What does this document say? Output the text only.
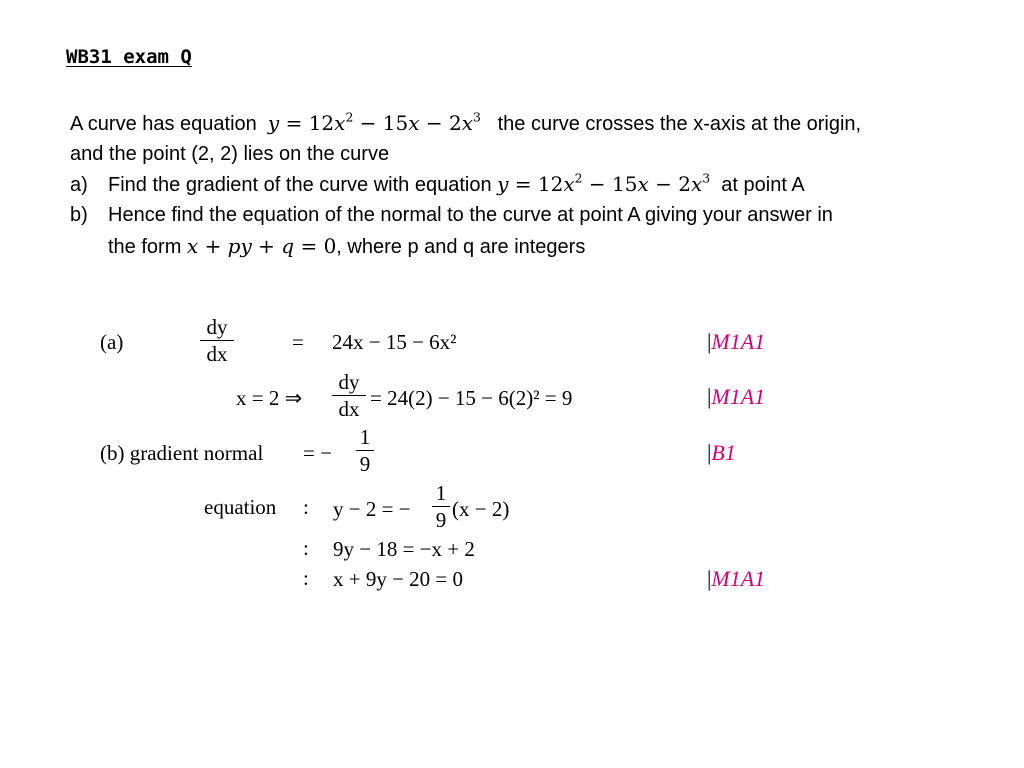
WB31 exam Q
A curve has equation $y = 12x^2 - 15x - 2x^3$ the curve crosses the x-axis at the origin,
and the point (2, 2) lies on the curve
a) Find the gradient of the curve with equation $y = 12x^2 - 15x - 2x^3$ at point A
b) Hence find the equation of the normal to the curve at point A giving your answer in
the form x + py + q = 0, where p and q are integers
(a)
dy
dx	= 24x − 15 − 6x²	|M1A1
x = 2 ⇒
dy
dx = 24(2) − 15 − 6(2)² = 9	|M1A1
(b) gradient normal = −
1
9	|B1
equation : y − 2 = −
1
9 (x − 2)
: 9y − 18 = −x + 2
: x + 9y − 20 = 0	|M1A1
